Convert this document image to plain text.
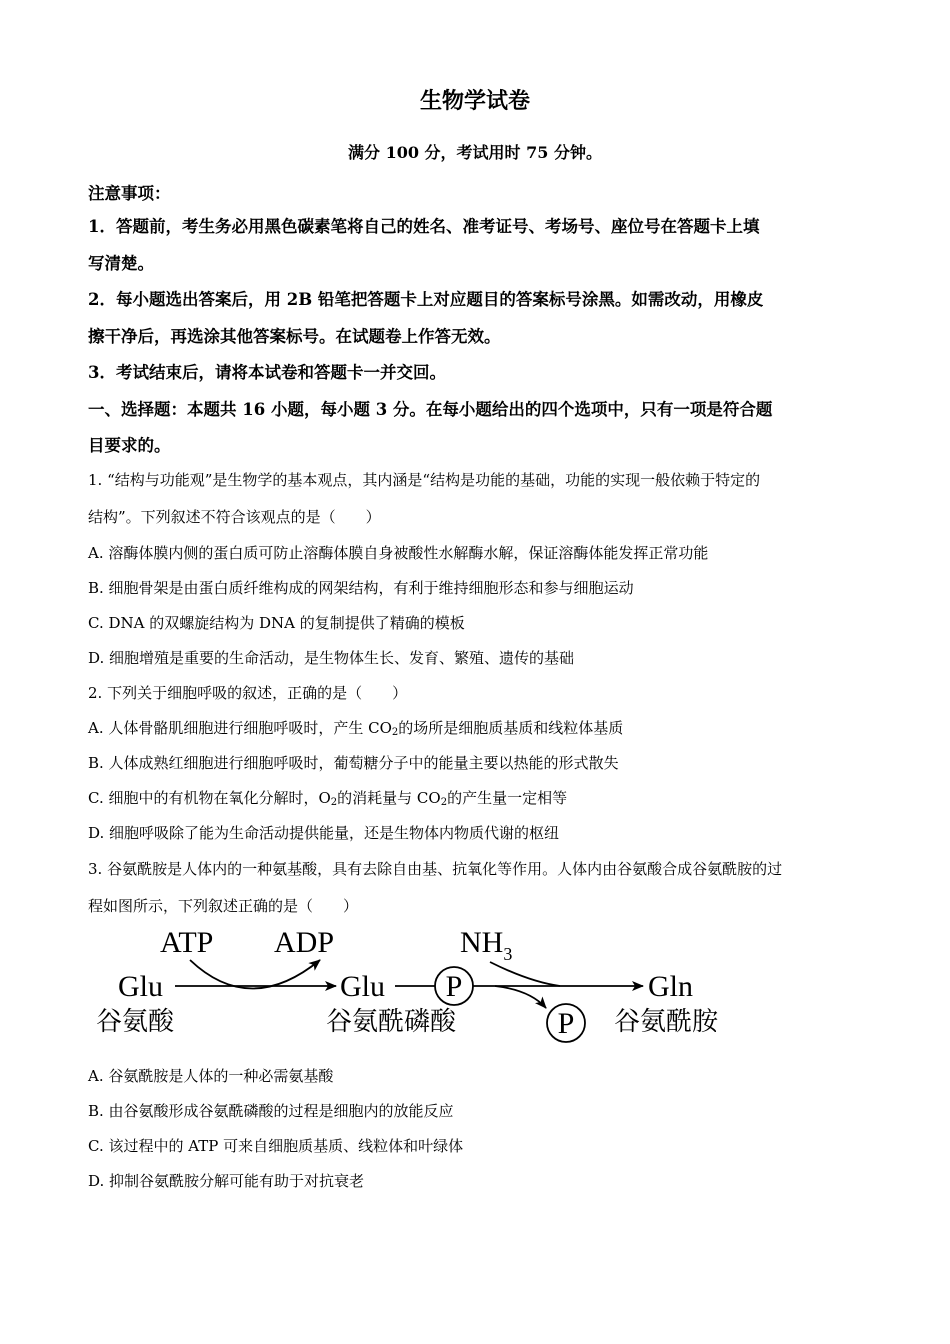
生物学试卷
满分 100 分，考试用时 75 分钟。
注意事项：
1．答题前，考生务必用黑色碳素笔将自己的姓名、准考证号、考场号、座位号在答题卡上填
写清楚。
2．每小题选出答案后，用 2B 铅笔把答题卡上对应题目的答案标号涂黑。如需改动，用橡皮
擦干净后，再选涂其他答案标号。在试题卷上作答无效。
3．考试结束后，请将本试卷和答题卡一并交回。
一、选择题：本题共 16 小题，每小题 3 分。在每小题给出的四个选项中，只有一项是符合题
目要求的。
1. “结构与功能观”是生物学的基本观点，其内涵是“结构是功能的基础，功能的实现一般依赖于特定的
结构”。下列叙述不符合该观点的是（　　）
A. 溶酶体膜内侧的蛋白质可防止溶酶体膜自身被酸性水解酶水解，保证溶酶体能发挥正常功能
B. 细胞骨架是由蛋白质纤维构成的网架结构，有利于维持细胞形态和参与细胞运动
C. DNA 的双螺旋结构为 DNA 的复制提供了精确的模板
D. 细胞增殖是重要的生命活动，是生物体生长、发育、繁殖、遗传的基础
2. 下列关于细胞呼吸的叙述，正确的是（　　）
A. 人体骨骼肌细胞进行细胞呼吸时，产生 $CO_2$的场所是细胞质基质和线粒体基质
B. 人体成熟红细胞进行细胞呼吸时，葡萄糖分子中的能量主要以热能的形式散失
C. 细胞中的有机物在氧化分解时，$O_2$的消耗量与 $CO_2$的产生量一定相等
D. 细胞呼吸除了能为生命活动提供能量，还是生物体内物质代谢的枢纽
3. 谷氨酰胺是人体内的一种氨基酸，具有去除自由基、抗氧化等作用。人体内由谷氨酸合成谷氨酰胺的过
程如图所示，下列叙述正确的是（　　）
ATP ADP	$NH_3$
Glu	Glu	Gln
P
P
谷氨酸	谷氨酰磷酸	谷氨酰胺
A. 谷氨酰胺是人体的一种必需氨基酸
B. 由谷氨酸形成谷氨酰磷酸的过程是细胞内的放能反应
C. 该过程中的 ATP 可来自细胞质基质、线粒体和叶绿体
D. 抑制谷氨酰胺分解可能有助于对抗衰老
